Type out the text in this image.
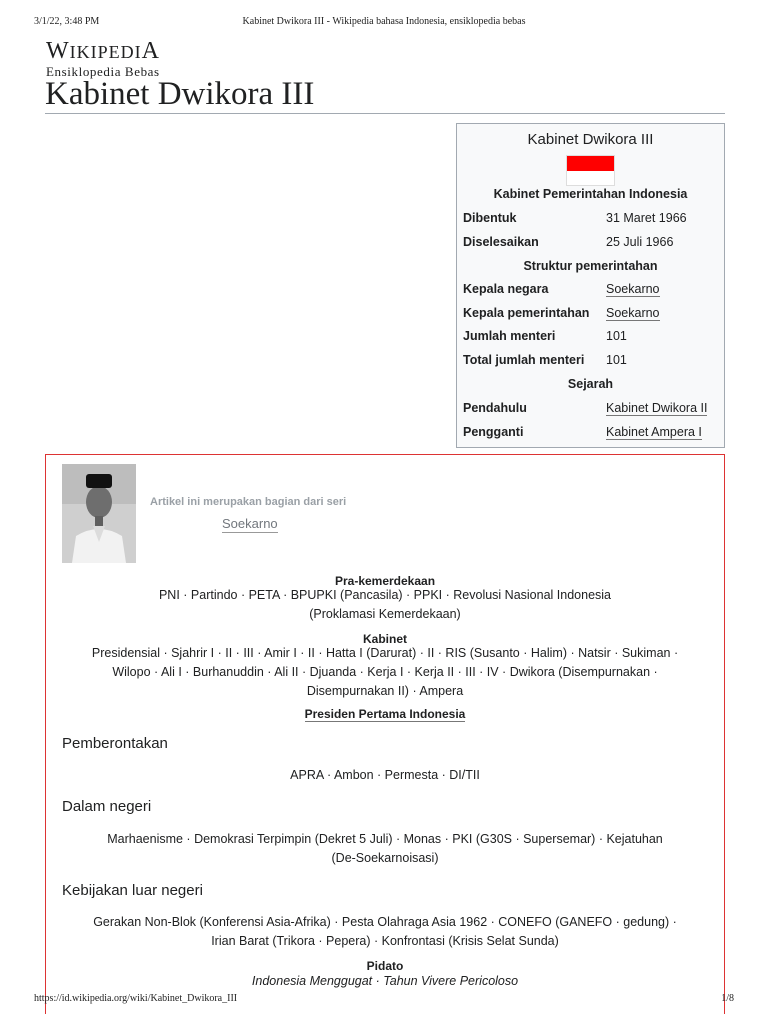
3/1/22, 3:48 PM	Kabinet Dwikora III - Wikipedia bahasa Indonesia, ensiklopedia bebas
WIKIPEDIA
Ensiklopedia Bebas
Kabinet Dwikora III
Kabinet Dwikora III
Kabinet Pemerintahan Indonesia
Dibentuk	31 Maret 1966
Diselesaikan	25 Juli 1966
Struktur pemerintahan
Kepala negara	Soekarno
Kepala pemerintahan Soekarno
Jumlah menteri	101
Total jumlah menteri 101
Sejarah
Pendahulu	Kabinet Dwikora II
Pengganti	Kabinet Ampera I
Artikel ini merupakan bagian dari seri
Soekarno
Pra-kemerdekaan
PNI · Partindo · PETA · BPUPKI (Pancasila) · PPKI · Revolusi Nasional Indonesia
(Proklamasi Kemerdekaan)
Kabinet
Presidensial · Sjahrir I · II · III · Amir I · II · Hatta I (Darurat) · II · RIS (Susanto · Halim) · Natsir · Sukiman ·
Wilopo · Ali I · Burhanuddin · Ali II · Djuanda · Kerja I · Kerja II · III · IV · Dwikora (Disempurnakan ·
Disempurnakan II) · Ampera
Presiden Pertama Indonesia
Pemberontakan
APRA · Ambon · Permesta · DI/TII
Dalam negeri
Marhaenisme · Demokrasi Terpimpin (Dekret 5 Juli) · Monas · PKI (G30S · Supersemar) · Kejatuhan
(De-Soekarnoisasi)
Kebijakan luar negeri
Gerakan Non-Blok (Konferensi Asia-Afrika) · Pesta Olahraga Asia 1962 · CONEFO (GANEFO · gedung) ·
Irian Barat (Trikora · Pepera) · Konfrontasi (Krisis Selat Sunda)
Pidato
Indonesia Menggugat · Tahun Vivere Pericoloso
https://id.wikipedia.org/wiki/Kabinet_Dwikora_III	1/8
